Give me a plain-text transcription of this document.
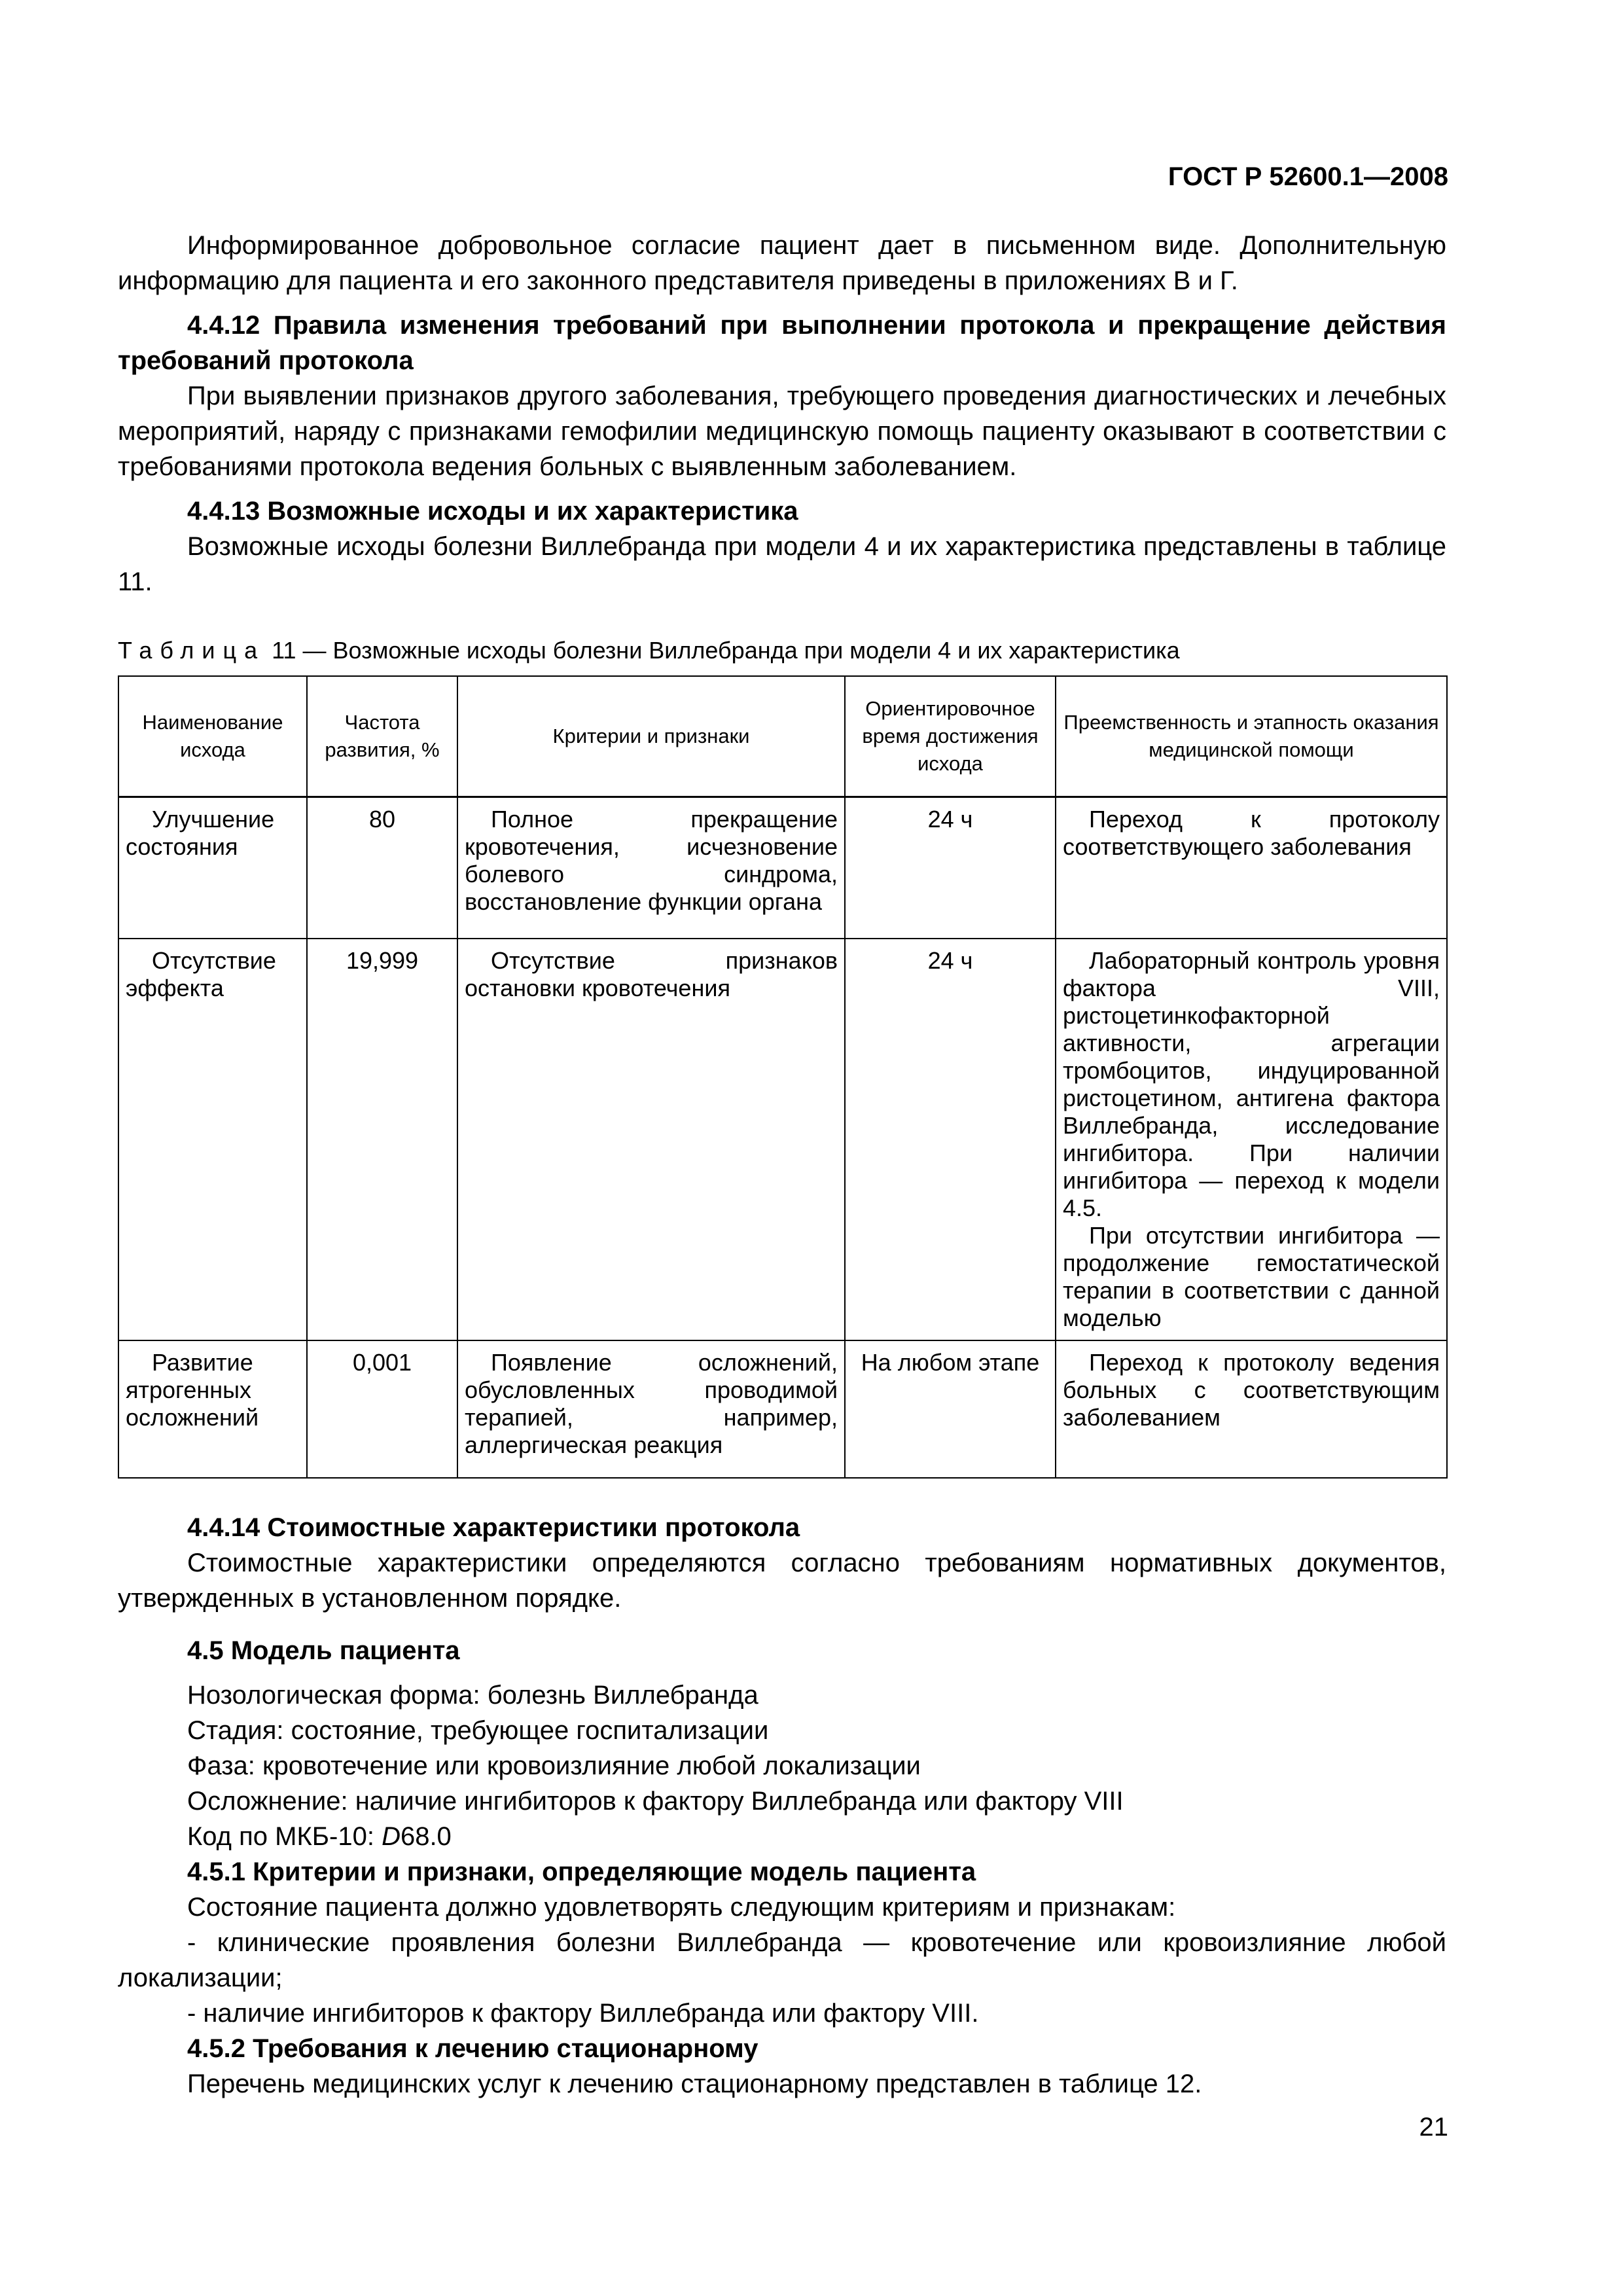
ГОСТ Р 52600.1—2008

Информированное добровольное согласие пациент дает в письменном виде. Дополнительную информацию для пациента и его законного представителя приведены в приложениях В и Г.

4.4.12 Правила изменения требований при выполнении протокола и прекращение действия требований протокола

При выявлении признаков другого заболевания, требующего проведения диагностических и лечебных мероприятий, наряду с признаками гемофилии медицинскую помощь пациенту оказывают в соответствии с требованиями протокола ведения больных с выявленным заболеванием.

4.4.13 Возможные исходы и их характеристика

Возможные исходы болезни Виллебранда при модели 4 и их характеристика представлены в таблице 11.

Таблица 11 — Возможные исходы болезни Виллебранда при модели 4 и их характеристика
Наименование исхода	Частота развития, %	Критерии и признаки	Ориентировочное время достижения исхода	Преемственность и этапность оказания медицинской помощи

Улучшение состояния	80	Полное прекращение кровотечения, исчезновение болевого синдрома, восстановление функции органа	24 ч	Переход к протоколу соответствующего заболевания

Отсутствие эффекта	19,999	Отсутствие признаков остановки кровотечения	24 ч	Лабораторный контроль уровня фактора VIII, ристоцетинкофакторной активности, агрегации тромбоцитов, индуцированной ристоцетином, антигена фактора Виллебранда, исследование ингибитора. При наличии ингибитора — переход к модели 4.5.

При отсутствии ингибитора — продолжение гемостатической терапии в соответствии с данной моделью

Развитие ятрогенных осложнений	0,001	Появление осложнений, обусловленных проводимой терапией, например, аллергическая реакция	На любом этапе	Переход к протоколу ведения больных с соответствующим заболеванием

4.4.14 Стоимостные характеристики протокола

Стоимостные характеристики определяются согласно требованиям нормативных документов, утвержденных в установленном порядке.

4.5 Модель пациента

Нозологическая форма: болезнь Виллебранда

Стадия: состояние, требующее госпитализации

Фаза: кровотечение или кровоизлияние любой локализации

Осложнение: наличие ингибиторов к фактору Виллебранда или фактору VIII

Код по МКБ-10: D68.0

4.5.1 Критерии и признаки, определяющие модель пациента

Состояние пациента должно удовлетворять следующим критериям и признакам:

- клинические проявления болезни Виллебранда — кровотечение или кровоизлияние любой локализации;

- наличие ингибиторов к фактору Виллебранда или фактору VIII.

4.5.2 Требования к лечению стационарному

Перечень медицинских услуг к лечению стационарному представлен в таблице 12.

21
